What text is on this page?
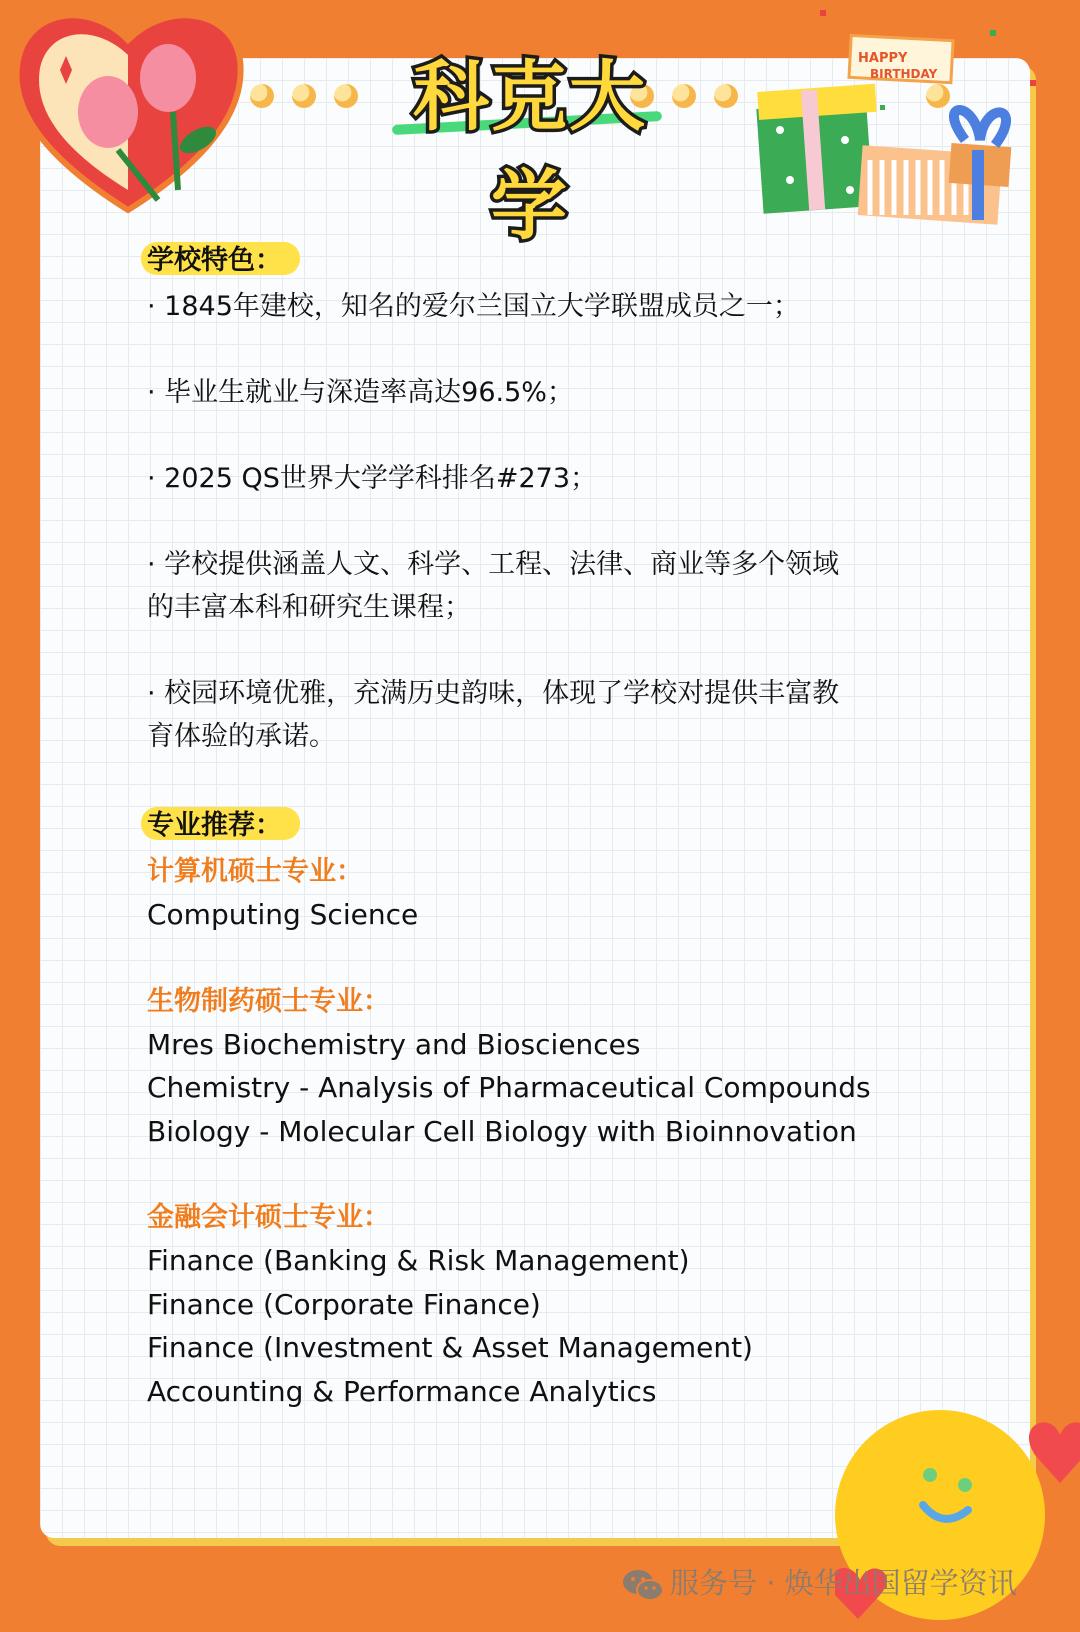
HAPPY
BIRTHDAY
科克大学
学校特色：

· 1845年建校，知名的爱尔兰国立大学联盟成员之一；

· 毕业生就业与深造率高达96.5%；

· 2025 QS世界大学学科排名#273；

· 学校提供涵盖人文、科学、工程、法律、商业等多个领域

的丰富本科和研究生课程；

· 校园环境优雅，充满历史韵味，体现了学校对提供丰富教

育体验的承诺。

专业推荐：

计算机硕士专业：

Computing Science

生物制药硕士专业：

Mres Biochemistry and Biosciences

Chemistry - Analysis of Pharmaceutical Compounds

Biology - Molecular Cell Biology with Bioinnovation

金融会计硕士专业：

Finance (Banking & Risk Management)

Finance (Corporate Finance)

Finance (Investment & Asset Management)

Accounting & Performance Analytics

服务号 · 焕华出国留学资讯
